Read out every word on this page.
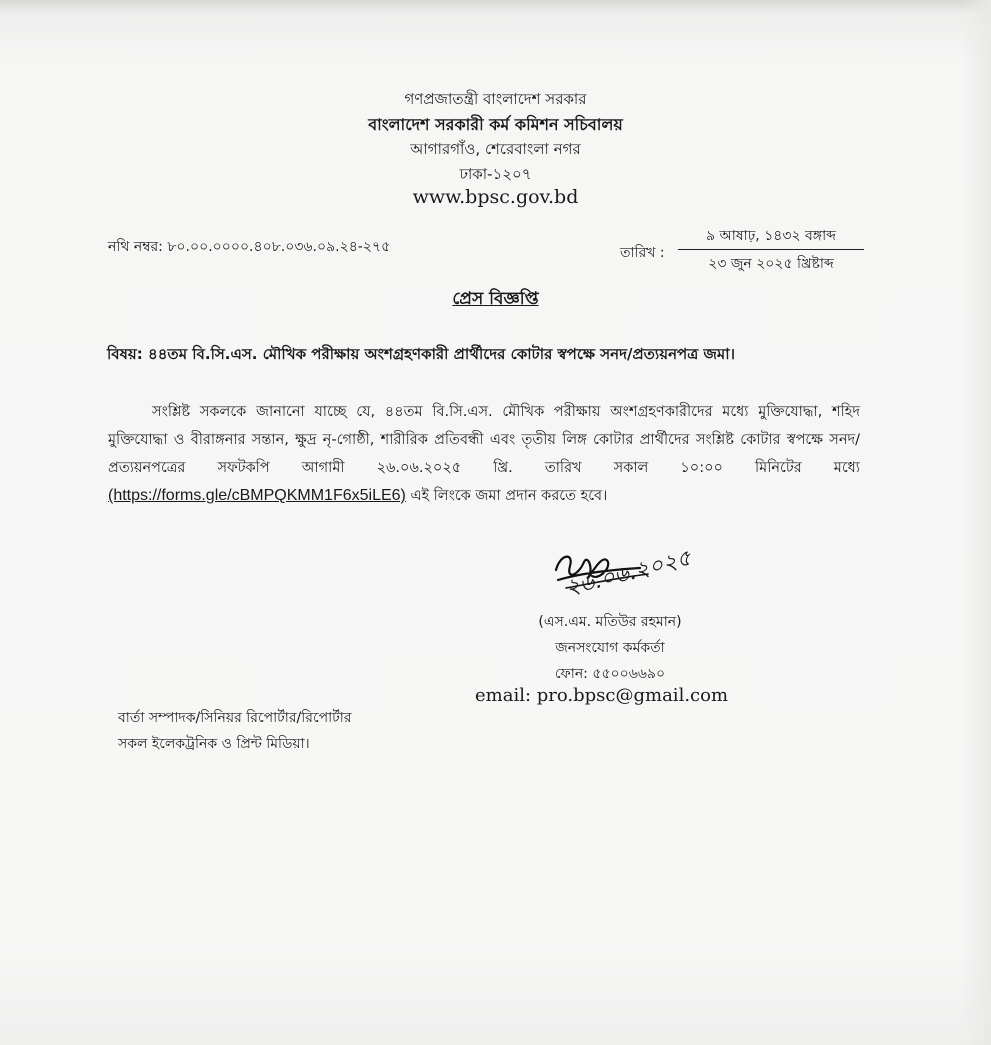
গণপ্রজাতন্ত্রী বাংলাদেশ সরকার
বাংলাদেশ সরকারী কর্ম কমিশন সচিবালয়
আগারগাঁও, শেরেবাংলা নগর
ঢাকা-১২০৭
www.bpsc.gov.bd
নথি নম্বর: ৮০.০০.০০০০.৪০৮.০৩৬.০৯.২৪-২৭৫	তারিখ :
৯ আষাঢ়, ১৪৩২ বঙ্গাব্দ
২৩ জুন ২০২৫ খ্রিষ্টাব্দ
প্রেস বিজ্ঞপ্তি
বিষয়: ৪৪তম বি.সি.এস. মৌখিক পরীক্ষায় অংশগ্রহণকারী প্রার্থীদের কোটার স্বপক্ষে সনদ/প্রত্যয়নপত্র জমা।
সংশ্লিষ্ট সকলকে জানানো যাচ্ছে যে, ৪৪তম বি.সি.এস. মৌখিক পরীক্ষায় অংশগ্রহণকারীদের মধ্যে মুক্তিযোদ্ধা, শহিদ মুক্তিযোদ্ধা ও বীরাঙ্গনার সন্তান, ক্ষুদ্র নৃ-গোষ্ঠী, শারীরিক প্রতিবন্ধী এবং তৃতীয় লিঙ্গ কোটার প্রার্থীদের সংশ্লিষ্ট কোটার স্বপক্ষে সনদ/প্রত্যয়নপত্রের সফটকপি আগামী ২৬.০৬.২০২৫ খ্রি. তারিখ সকাল ১০:০০ মিনিটের মধ্যে (https://forms.gle/cBMPQKMM1F6x5iLE6) এই লিংকে জমা প্রদান করতে হবে।
২৬.০৬.২০২৫
(এস.এম. মতিউর রহমান)
জনসংযোগ কর্মকর্তা
ফোন: ৫৫০০৬৬৯০
email: pro.bpsc@gmail.com
বার্তা সম্পাদক/সিনিয়র রিপোর্টার/রিপোর্টার
সকল ইলেকট্রনিক ও প্রিন্ট মিডিয়া।
